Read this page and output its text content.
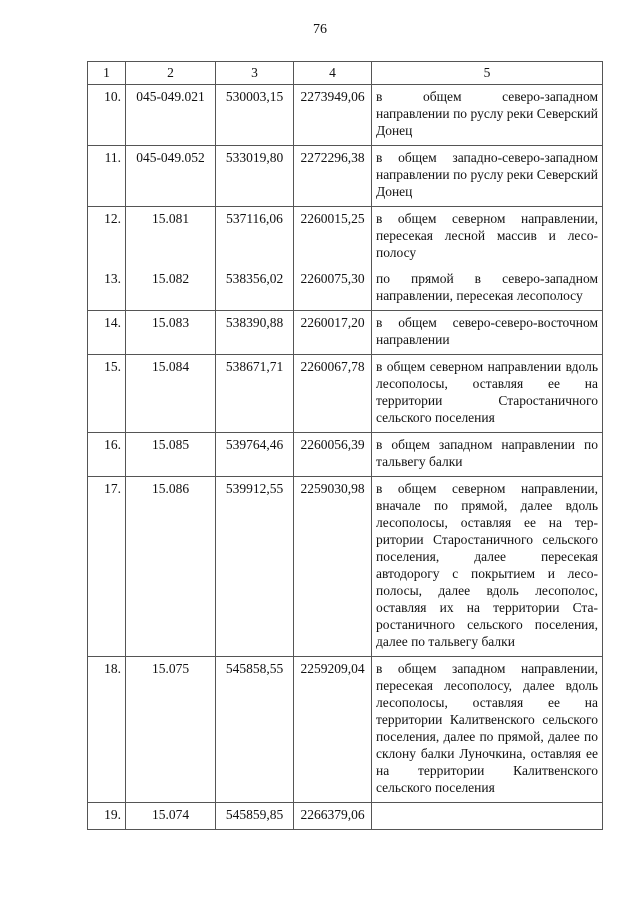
76
1	2	3	4	5
10.	045-049.021	530003,15	2273949,06	в общем северо-западном направлении по руслу реки Северский Донец
11.	045-049.052	533019,80	2272296,38	в общем западно-северо-западном направлении по руслу реки Северский Донец
12.	15.081	537116,06	2260015,25	в общем северном направлении, пересекая лесной массив и лесополосу
13.	15.082	538356,02	2260075,30	по прямой в северо-западном направлении, пересекая лесополосу
14.	15.083	538390,88	2260017,20	в общем северо-северо-восточном направлении
15.	15.084	538671,71	2260067,78	в общем северном направлении вдоль лесополосы, оставляя ее на территории Староcтаничного сельского поселения
16.	15.085	539764,46	2260056,39	в общем западном направлении по тальвегу балки
17.	15.086	539912,55	2259030,98	в общем северном направлении, вначале по прямой, далее вдоль лесополосы, оставляя ее на территории Старостаничного сельского поселения, далее пересекая автодорогу с покрытием и лесополосы, далее вдоль лесополос, оставляя их на территории Старостаничного сельского поселения, далее по тальвегу балки
18.	15.075	545858,55	2259209,04	в общем западном направлении, пересекая лесополосу, далее вдоль лесополосы, оставляя ее на территории Калитвенского сельского поселения, далее по прямой, далее по склону балки Луночкина, оставляя ее на территории Калитвенского сельского поселения
19.	15.074	545859,85	2266379,06	
